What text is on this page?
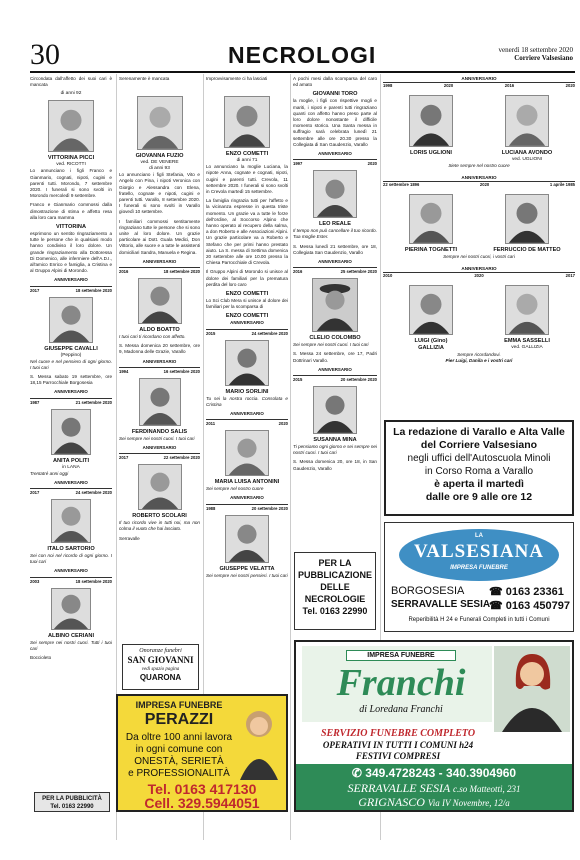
30	NECROLOGI	venerdì 18 settembre 2020
Corriere Valsesiano

Circondata dall'affetto dei suoi cari è mancata

di anni 92
VITTORINA PICCI
ved. RICOTTI

Lo annunciano i figli Franco e Gianmario, cognati, nipoti, cugini e parenti tutti. Morondo, 7 settembre 2020. I funerali si sono svolti in Morondo mercoledì 9 settembre.

Franco e Gianmario commossi dalla dimostrazione di stima e affetto resa alla loro cara mamma

VITTORINA

esprimono un sentito ringraziamento a tutte le persone che in qualsiasi modo hanno condiviso il loro dolore. Un grande ringraziamento alla Dottoressa Di Domenico, alle infermiere dell'A.D.I., all'amico Enrico e famiglia, a Cristina e al Gruppo Alpini di Morondo.

ANNIVERSARIO
2017	18 settembre 2020
GIUSEPPE CAVALLI
(Peppino)

Nel cuore e nel pensiero di ogni giorno. I tuoi cari

S. Messa sabato 19 settembre, ore 18,15 Parrocchiale Borgosesia

ANNIVERSARIO
1987	21 settembre 2020
ANITA POLITI
in LANA

Trentatré anni oggi

ANNIVERSARIO
2017	24 settembre 2020
ITALO SARTORIO

Sei con noi nel ricordo di ogni giorno. I tuoi cari

ANNIVERSARIO
2003	18 settembre 2020
ALBINO CERIANI

Sei sempre nei nostri cuori. Tutti i tuoi cari

Boccioleto

PER LA PUBBLICITÀ
Tel. 0163 22990

Serenamente è mancata

GIOVANNA FUZIO
ved. DE VENERE
di anni 93

Lo annunciano i figli Stefania, Vito e Angelo con Pina, i nipoti Veronica con Giorgio e Alessandra con Elena, fratello, cognate e nipoti, cugini e parenti tutti. Varallo, 8 settembre 2020. I funerali si sono svolti in Varallo giovedì 10 settembre.

I familiari commossi sentitamente ringraziano tutte le persone che si sono unite al loro dolore. Un grazie particolare ai Dott. Guala Medici, Don Vittorio, alle suore e a tutte le assistenti domiciliari Sandra, Manuela e Regina.

ANNIVERSARIO
2016	18 settembre 2020
ALDO BOATTO

I tuoi cari ti ricordano con affetto.

S. Messa domenica 20 settembre, ore 9, Madonna delle Grazie, Varallo

ANNIVERSARIO
1994	16 settembre 2020
FERDINANDO SALIS

Sei sempre nei nostri cuori. I tuoi cari

ANNIVERSARIO
2017	22 settembre 2020
ROBERTO SCOLARI

Il tuo ricordo vive in tutti noi, ma non colma il vuoto che hai lasciato.

Serravalle

Onoranze funebri
SAN GIOVANNI
vedi spazio pagina
QUARONA
IMPRESA FUNEBRE
PERAZZI
Da oltre 100 anni lavora
in ogni comune con
ONESTÀ, SERIETÀ
e PROFESSIONALITÀ
Tel. 0163 417130
Cell. 329.5944051

Improvvisamente ci ha lasciati

ENZO COMETTI
di anni 71

Lo annunciano la moglie Luciana, la nipote Anna, cognate e cognati, nipoti, cugini e parenti tutti. Crevola, 11 settembre 2020. I funerali si sono svolti in Crevola martedì 15 settembre.

La famiglia ringrazia tutti per l'affetto e la vicinanza espresse in questa triste momento. Un grazie va a tutte le forze dell'ordine, al Soccorso Alpino che hanno operato al recupero della salma, a don Roberto e alle Associazioni Alpini. Un grazie particolare va a Roberto e Stefano che per primi hanno prestato aiuto. La S. messa di Settima domenica 20 settembre alle ore 10.00 presso la Chiesa Parrocchiale di Crevola.

Il Gruppo Alpini di Morondo si unisce al dolore dei familiari per la prematura perdita del loro caro

ENZO COMETTI

Lo Sci Club Mera si unisce al dolore dei familiari per la scomparsa di

ENZO COMETTI
ANNIVERSARIO
2015	24 settembre 2020
MARIO SORLINI

Tu sei la nostra roccia. Consolata e Cristina

ANNIVERSARIO
2011	2020
MARIA LUISA ANTONINI

Sei sempre nel nostro cuore

ANNIVERSARIO
1988	20 settembre 2020
GIUSEPPE VELATTA

Sei sempre nei nostri pensieri. I tuoi cari

A pochi mesi dalla scomparsa del caro ed amato

GIOVANNI TORO

la moglie, i figli con rispettive mogli e mariti, i nipoti e parenti tutti ringraziano quanti con affetto hanno preso parte al loro dolore nonostante il difficile momento storico. Una Santa messa in suffragio sarà celebrata lunedì 21 settembre alle ore 20.30 presso la Collegiata di San Gaudenzio, Varallo

ANNIVERSARIO
1997	2020
LEO REALE

Il tempo non può cancellare il tuo ricordo. Tua moglie Ester.

S. Messa lunedì 21 settembre, ore 18, Collegiata San Gaudenzio, Varallo

ANNIVERSARIO
2016	25 settembre 2020
CLELIO COLOMBO

Sei sempre nei nostri cuori. I tuoi cari

S. Messa 24 settembre, ore 17, Padri Dottrinari Varallo.

ANNIVERSARIO
2015	20 settembre 2020
SUSANNA MINA

Ti pensiamo ogni giorno e sei sempre nei nostri cuori. I tuoi cari

S. Messa domenica 20, ore 18, in San Gaudenzio, Varallo

PER LA
PUBBLICAZIONE
DELLE
NECROLOGIE
Tel. 0163 22990
ANNIVERSARIO
1998	2020	2016	2020
LORIS UGLIONI	LUCIANA AVONDO
ved. UGLIONI
Siete sempre nel nostro cuore
ANNIVERSARIO
22 settembre 1896	2020	1 aprile 1985
PIERINA TOGNETTI	FERRUCCIO DE MATTEO
Sempre nei nostri cuori, i vostri cari
ANNIVERSARIO
2010	2020	2017
LUIGI (Gino)
GALLIZIA
EMMA SASSELLI
ved. GALLIZIA
Sempre ricordandovi.
Pier Luigi, Danila e i vostri cari
La redazione di Varallo e Alta Valle
del Corriere Valsesiano
negli uffici dell'Autoscuola Minoli
in Corso Roma a Varallo
è aperta il martedì
dalle ore 9 alle ore 12
LA
VALSESIANA
IMPRESA FUNEBRE
BORGOSESIA ☎ 0163 23361
SERRAVALLE SESIA
☎ 0163 450797
Reperibilità H 24 e Funerali Completi in tutti i Comuni
IMPRESA FUNEBRE
Franchi
di Loredana Franchi
SERVIZIO FUNEBRE COMPLETO
OPERATIVI IN TUTTI I COMUNI h24
FESTIVI COMPRESI
✆ 349.4728243 - 340.3904960
SERRAVALLE SESIA c.so Matteotti, 231
GRIGNASCO Via IV Novembre, 12/a
